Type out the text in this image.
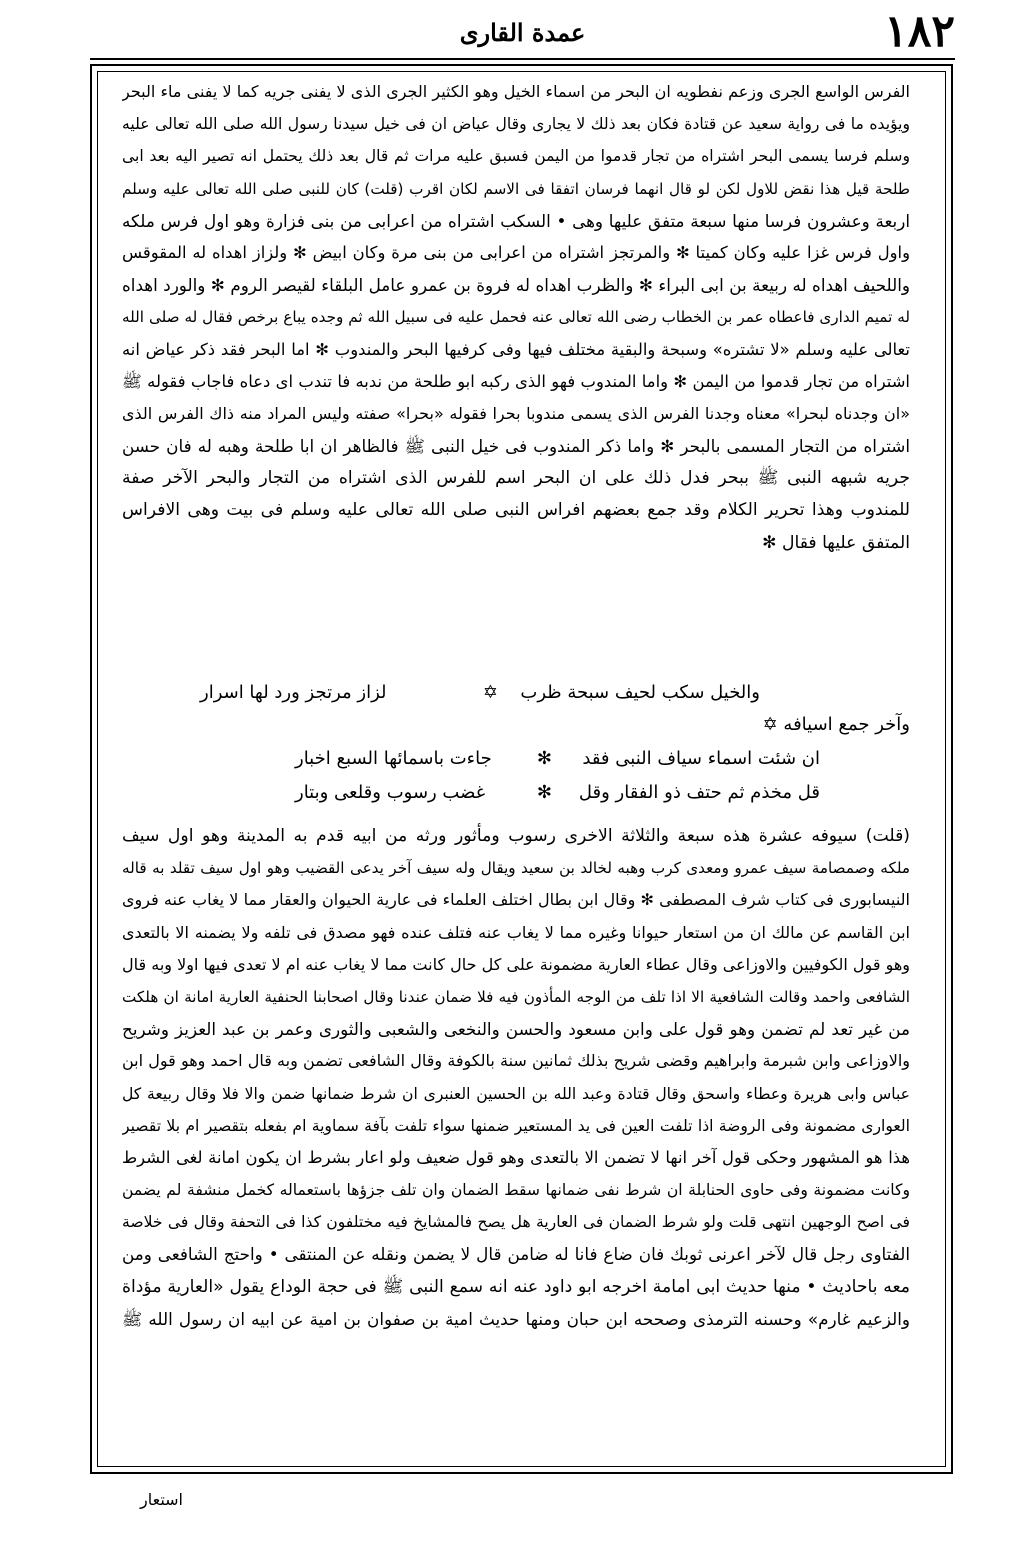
١٨٢
عمدة القاری
الفرس الواسع الجرى وزعم نفطويه ان البحر من اسماء الخيل وهو الكثير الجرى الذى لا يفنى جريه كما لا يفنى ماء البحر
ويؤيده ما فى رواية سعيد عن قتادة فكان بعد ذلك لا يجارى وقال عياض ان فى خيل سيدنا رسول الله صلى الله تعالى عليه
وسلم فرسا يسمى البحر اشتراه من تجار قدموا من اليمن فسبق عليه مرات ثم قال بعد ذلك يحتمل انه تصير اليه بعد ابى
طلحة قيل هذا نقض للاول لكن لو قال انهما فرسان اتفقا فى الاسم لكان اقرب (قلت) كان للنبى صلى الله تعالى عليه وسلم
اربعة وعشرون فرسا منها سبعة متفق عليها وهى • السكب اشتراه من اعرابى من بنى فزارة وهو اول فرس ملكه
واول فرس غزا عليه وكان كميتا ✻ والمرتجز اشتراه من اعرابى من بنى مرة وكان ابيض ✻ ولزاز اهداه له المقوقس
واللحيف اهداه له ربيعة بن ابى البراء ✻ والظرب اهداه له فروة بن عمرو عامل البلقاء لقيصر الروم ✻ والورد اهداه
له تميم الدارى فاعطاه عمر بن الخطاب رضى الله تعالى عنه فحمل عليه فى سبيل الله ثم وجده يباع برخص فقال له صلى الله
تعالى عليه وسلم «لا تشتره» وسبحة والبقية مختلف فيها وفى كرفيها البحر والمندوب ✻ اما البحر فقد ذكر عياض انه
اشتراه من تجار قدموا من اليمن ✻ واما المندوب فهو الذى ركبه ابو طلحة من ندبه فا تندب اى دعاه فاجاب فقوله ﷺ
«ان وجدناه لبحرا» معناه وجدنا الفرس الذى يسمى مندوبا بحرا فقوله «بحرا» صفته وليس المراد منه ذاك الفرس الذى
اشتراه من التجار المسمى بالبحر ✻ واما ذكر المندوب فى خيل النبى ﷺ فالظاهر ان ابا طلحة وهبه له فان حسن
جريه شبهه النبى ﷺ ببحر فدل ذلك على ان البحر اسم للفرس الذى اشتراه من التجار والبحر الآخر صفة
للمندوب وهذا تحرير الكلام وقد جمع بعضهم افراس النبى صلى الله تعالى عليه وسلم فى بيت وهى الافراس
المتفق عليها فقال ✻
والخيل سكب لحيف سبحة ظرب
✡
لزاز مرتجز ورد لها اسرار
وآخر جمع اسيافه ✡
ان شئت اسماء سياف النبى فقد
✻
جاءت باسمائها السبع اخبار
قل مخذم ثم حتف ذو الفقار وقل
✻
غضب رسوب وقلعى وبتار
(قلت) سيوفه عشرة هذه سبعة والثلاثة الاخرى رسوب ومأثور ورثه من ابيه قدم به المدينة وهو اول سيف
ملكه وصمصامة سيف عمرو ومعدى كرب وهبه لخالد بن سعيد ويقال وله سيف آخر يدعى القضيب وهو اول سيف تقلد به قاله
النيسابورى فى كتاب شرف المصطفى ✻ وقال ابن بطال اختلف العلماء فى عارية الحيوان والعقار مما لا يغاب عنه فروى
ابن القاسم عن مالك ان من استعار حيوانا وغيره مما لا يغاب عنه فتلف عنده فهو مصدق فى تلفه ولا يضمنه الا بالتعدى
وهو قول الكوفيين والاوزاعى وقال عطاء العارية مضمونة على كل حال كانت مما لا يغاب عنه ام لا تعدى فيها اولا وبه قال
الشافعى واحمد وقالت الشافعية الا اذا تلف من الوجه المأذون فيه فلا ضمان عندنا وقال اصحابنا الحنفية العارية امانة ان هلكت
من غير تعد لم تضمن وهو قول على وابن مسعود والحسن والنخعى والشعبى والثورى وعمر بن عبد العزيز وشريح
والاوزاعى وابن شبرمة وابراهيم وقضى شريح بذلك ثمانين سنة بالكوفة وقال الشافعى تضمن وبه قال احمد وهو قول ابن
عباس وابى هريرة وعطاء واسحق وقال قتادة وعبد الله بن الحسين العنبرى ان شرط ضمانها ضمن والا فلا وقال ربيعة كل
العوارى مضمونة وفى الروضة اذا تلفت العين فى يد المستعير ضمنها سواء تلفت بآفة سماوية ام بفعله بتقصير ام بلا تقصير
هذا هو المشهور وحكى قول آخر انها لا تضمن الا بالتعدى وهو قول ضعيف ولو اعار بشرط ان يكون امانة لغى الشرط
وكانت مضمونة وفى حاوى الحنابلة ان شرط نفى ضمانها سقط الضمان وان تلف جزؤها باستعماله كخمل منشفة لم يضمن
فى اصح الوجهين انتهى قلت ولو شرط الضمان فى العارية هل يصح فالمشايخ فيه مختلفون كذا فى التحفة وقال فى خلاصة
الفتاوى رجل قال لآخر اعرنى ثوبك فان ضاع فانا له ضامن قال لا يضمن ونقله عن المنتقى • واحتج الشافعى ومن
معه باحاديث • منها حديث ابى امامة اخرجه ابو داود عنه انه سمع النبى ﷺ فى حجة الوداع يقول «العارية مؤداة
والزعيم غارم» وحسنه الترمذى وصححه ابن حبان ومنها حديث امية بن صفوان بن امية عن ابيه ان رسول الله ﷺ
استعار
